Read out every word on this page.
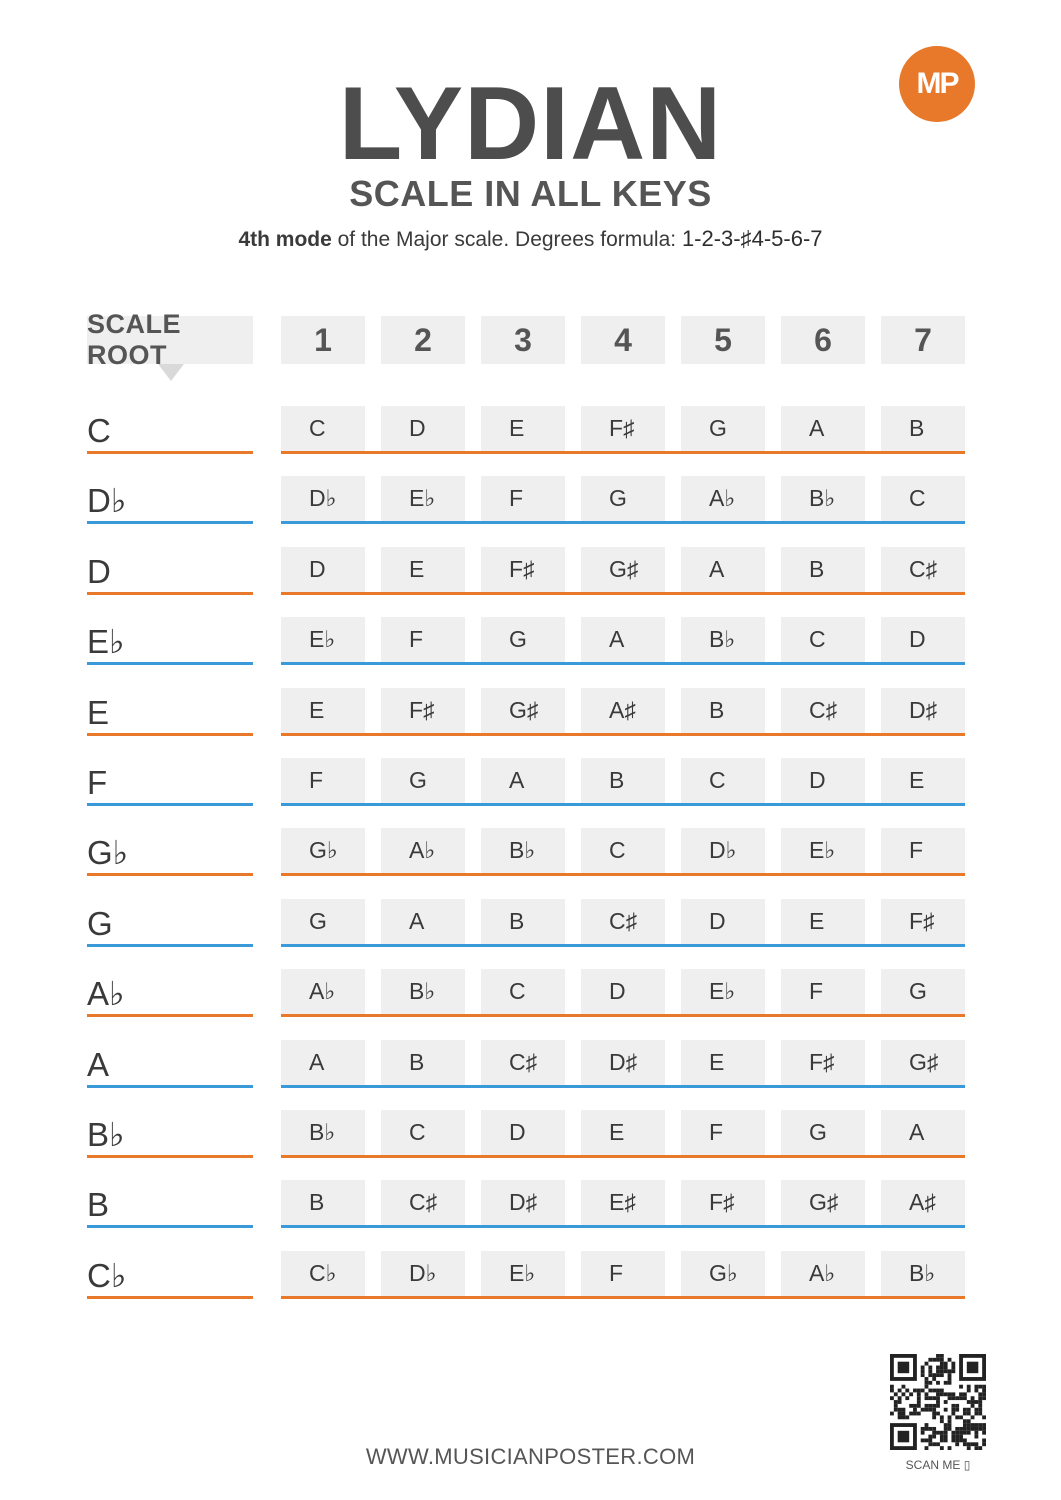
MP
LYDIAN
SCALE IN ALL KEYS
4th mode of the Major scale. Degrees formula: 1-2-3-♯4-5-6-7
SCALE ROOT	1	2	3	4	5	6	7
C	C	D	E	F♯	G	A	B
D♭	D♭	E♭	F	G	A♭	B♭	C
D	D	E	F♯	G♯	A	B	C♯
E♭	E♭	F	G	A	B♭	C	D
E	E	F♯	G♯	A♯	B	C♯	D♯
F	F	G	A	B	C	D	E
G♭	G♭	A♭	B♭	C	D♭	E♭	F
G	G	A	B	C♯	D	E	F♯
A♭	A♭	B♭	C	D	E♭	F	G
A	A	B	C♯	D♯	E	F♯	G♯
B♭	B♭	C	D	E	F	G	A
B	B	C♯	D♯	E♯	F♯	G♯	A♯
C♭	C♭	D♭	E♭	F	G♭	A♭	B♭
SCAN ME ▯
WWW.MUSICIANPOSTER.COM
